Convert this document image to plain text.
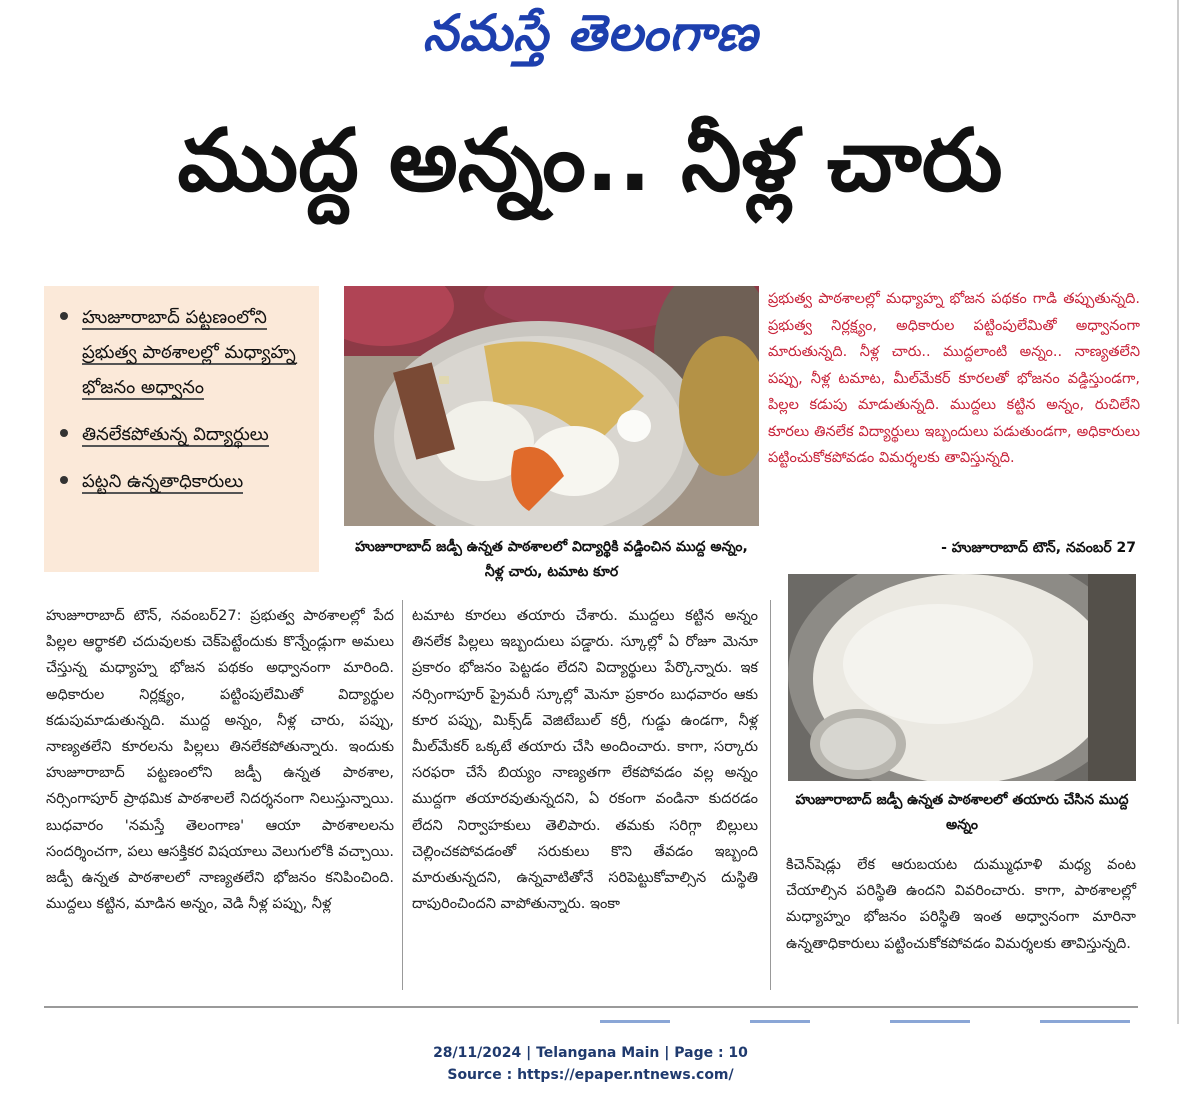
నమస్తే తెలంగాణ
ముద్ద అన్నం.. నీళ్ల చారు
హుజూరాబాద్ పట్టణంలోని ప్రభుత్వ పాఠశాలల్లో మధ్యాహ్న భోజనం అధ్వానం
తినలేకపోతున్న విద్యార్థులు
పట్టని ఉన్నతాధికారులు
హుజూరాబాద్ జడ్పీ ఉన్నత పాఠశాలలో విద్యార్థికి వడ్డించిన ముద్ద అన్నం, నీళ్ల చారు, టమాట కూర
ప్రభుత్వ పాఠశాలల్లో మధ్యాహ్న భోజన పథకం గాడి తప్పుతున్నది. ప్రభుత్వ నిర్లక్ష్యం, అధికారుల పట్టింపులేమితో అధ్వానంగా మారుతున్నది. నీళ్ల చారు.. ముద్దలాంటి అన్నం.. నాణ్యతలేని పప్పు, నీళ్ల టమాట, మీల్‌మేకర్ కూరలతో భోజనం వడ్డిస్తుండగా, పిల్లల కడుపు మాడుతున్నది. ముద్దలు కట్టిన అన్నం, రుచిలేని కూరలు తినలేక విద్యార్థులు ఇబ్బందులు పడుతుండగా, అధికారులు పట్టించుకోకపోవడం విమర్శలకు తావిస్తున్నది.
- హుజూరాబాద్ టౌన్, నవంబర్ 27
హుజూరాబాద్ జడ్పీ ఉన్నత పాఠశాలలో తయారు చేసిన ముద్ద అన్నం
హుజూరాబాద్ టౌన్, నవంబర్27: ప్రభుత్వ పాఠశాలల్లో పేద పిల్లల ఆర్థాకలి చదువులకు చెక్‌పెట్టేందుకు కొన్నేండ్లుగా అమలు చేస్తున్న మధ్యాహ్న భోజన పథకం అధ్వానంగా మారింది. అధికారుల నిర్లక్ష్యం, పట్టింపులేమితో విద్యార్థుల కడుపుమాడుతున్నది. ముద్ద అన్నం, నీళ్ల చారు, పప్పు, నాణ్యతలేని కూరలను పిల్లలు తినలేకపోతున్నారు. ఇందుకు హుజూరాబాద్ పట్టణంలోని జడ్పీ ఉన్నత పాఠశాల, నర్సింగాపూర్ ప్రాథమిక పాఠశాలలే నిదర్శనంగా నిలుస్తున్నాయి. బుధవారం 'నమస్తే తెలంగాణ' ఆయా పాఠశాలలను సందర్శించగా, పలు ఆసక్తికర విషయాలు వెలుగులోకి వచ్చాయి. జడ్పీ ఉన్నత పాఠశాలలో నాణ్యతలేని భోజనం కనిపించింది. ముద్దలు కట్టిన, మాడిన అన్నం, వెడి నీళ్ల పప్పు, నీళ్ల
టమాట కూరలు తయారు చేశారు. ముద్దలు కట్టిన అన్నం తినలేక పిల్లలు ఇబ్బందులు పడ్డారు. స్కూల్లో ఏ రోజూ మెనూ ప్రకారం భోజనం పెట్టడం లేదని విద్యార్థులు పేర్కొన్నారు. ఇక నర్సింగాపూర్ ప్రైమరీ స్కూల్లో మెనూ ప్రకారం బుధవారం ఆకు కూర పప్పు, మిక్స్‌డ్ వెజిటేబుల్ కర్రీ, గుడ్డు ఉండగా, నీళ్ల మీల్‌మేకర్ ఒక్కటే తయారు చేసి అందించారు. కాగా, సర్కారు సరఫరా చేసే బియ్యం నాణ్యతగా లేకపోవడం వల్ల అన్నం ముద్దగా తయారవుతున్నదని, ఏ రకంగా వండినా కుదరడం లేదని నిర్వాహకులు తెలిపారు. తమకు సరిగ్గా బిల్లులు చెల్లించకపోవడంతో సరుకులు కొని తేవడం ఇబ్బంది మారుతున్నదని, ఉన్నవాటితోనే సరిపెట్టుకోవాల్సిన దుస్థితి దాపురించిందని వాపోతున్నారు. ఇంకా
కిచెన్‌షెడ్లు లేక ఆరుబయట దుమ్ముధూళి మధ్య వంట చేయాల్సిన పరిస్థితి ఉందని వివరించారు. కాగా, పాఠశాలల్లో మధ్యాహ్నం భోజనం పరిస్థితి ఇంత అధ్వానంగా మారినా ఉన్నతాధికారులు పట్టించుకోకపోవడం విమర్శలకు తావిస్తున్నది.
28/11/2024 | Telangana Main | Page : 10
Source : https://epaper.ntnews.com/
